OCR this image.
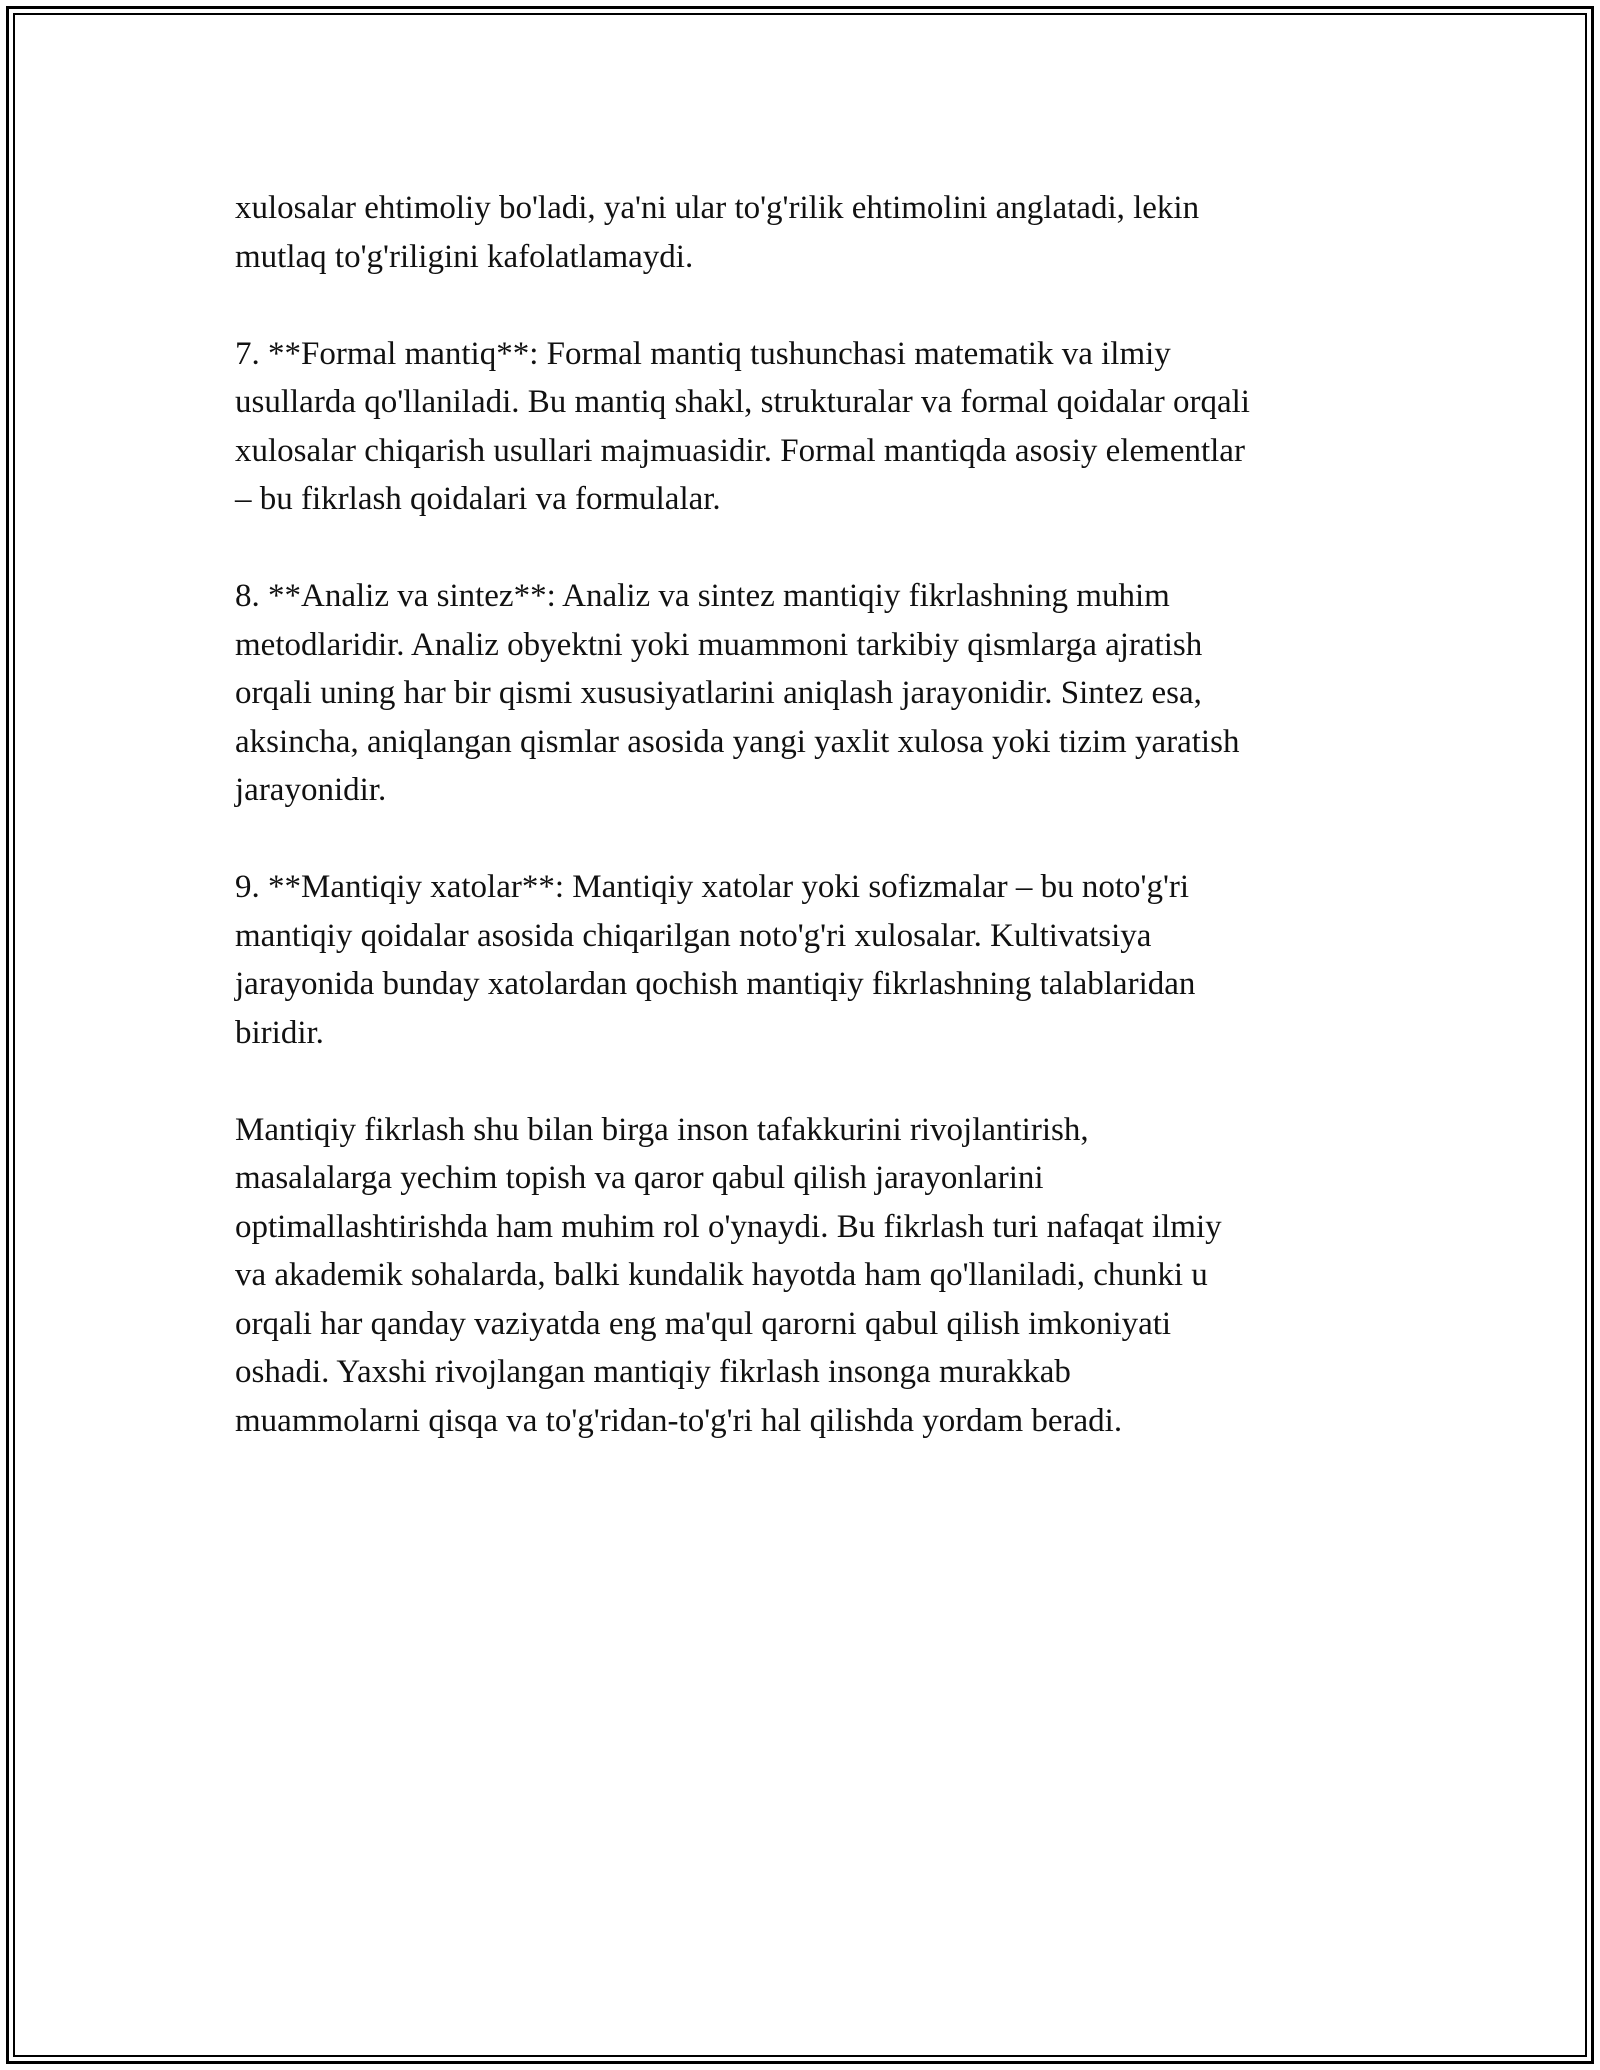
xulosalar ehtimoliy bo'ladi, ya'ni ular to'g'rilik ehtimolini anglatadi, lekin
mutlaq to'g'riligini kafolatlamaydi.

7. **Formal mantiq**: Formal mantiq tushunchasi matematik va ilmiy
usullarda qo'llaniladi. Bu mantiq shakl, strukturalar va formal qoidalar orqali
xulosalar chiqarish usullari majmuasidir. Formal mantiqda asosiy elementlar
– bu fikrlash qoidalari va formulalar.

8. **Analiz va sintez**: Analiz va sintez mantiqiy fikrlashning muhim
metodlaridir. Analiz obyektni yoki muammoni tarkibiy qismlarga ajratish
orqali uning har bir qismi xususiyatlarini aniqlash jarayonidir. Sintez esa,
aksincha, aniqlangan qismlar asosida yangi yaxlit xulosa yoki tizim yaratish
jarayonidir.

9. **Mantiqiy xatolar**: Mantiqiy xatolar yoki sofizmalar – bu noto'g'ri
mantiqiy qoidalar asosida chiqarilgan noto'g'ri xulosalar. Kultivatsiya
jarayonida bunday xatolardan qochish mantiqiy fikrlashning talablaridan
biridir.

Mantiqiy fikrlash shu bilan birga inson tafakkurini rivojlantirish,
masalalarga yechim topish va qaror qabul qilish jarayonlarini
optimallashtirishda ham muhim rol o'ynaydi. Bu fikrlash turi nafaqat ilmiy
va akademik sohalarda, balki kundalik hayotda ham qo'llaniladi, chunki u
orqali har qanday vaziyatda eng ma'qul qarorni qabul qilish imkoniyati
oshadi. Yaxshi rivojlangan mantiqiy fikrlash insonga murakkab
muammolarni qisqa va to'g'ridan-to'g'ri hal qilishda yordam beradi.
